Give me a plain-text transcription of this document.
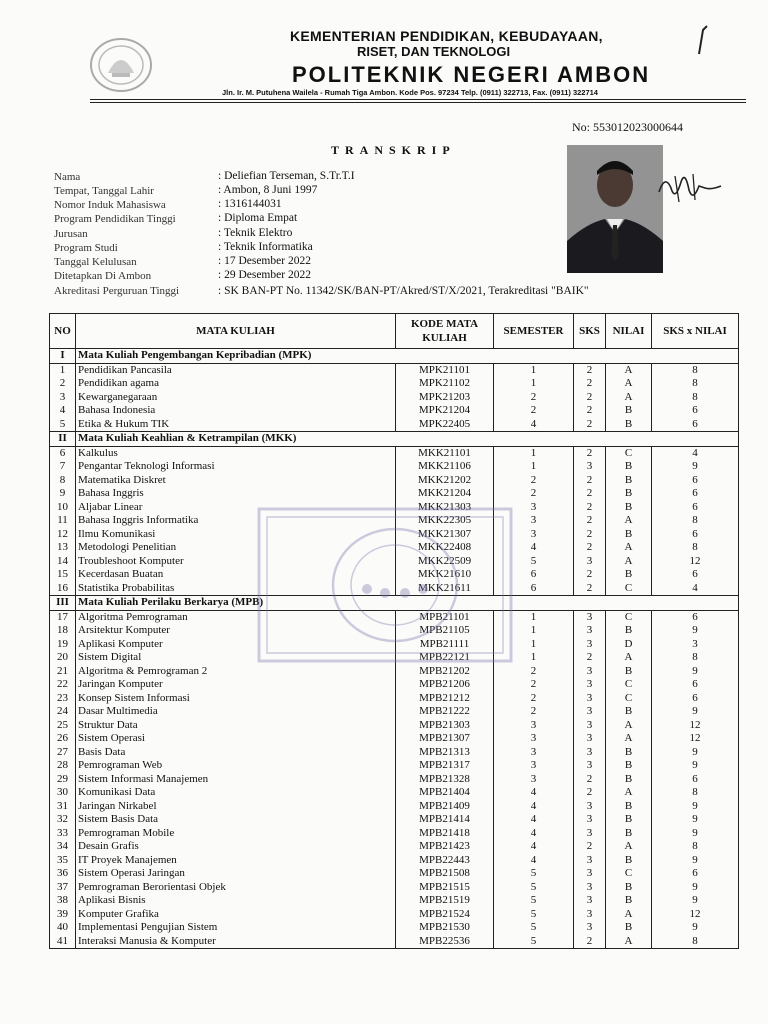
KEMENTERIAN PENDIDIKAN, KEBUDAYAAN,
RISET, DAN TEKNOLOGI
POLITEKNIK NEGERI AMBON
Jln. Ir. M. Putuhena Wailela - Rumah Tiga Ambon. Kode Pos. 97234 Telp. (0911) 322713, Fax. (0911) 322714
No: 553012023000644
TRANSKRIP
Nama	: Deliefian Terseman, S.Tr.T.I
Tempat, Tanggal Lahir	: Ambon, 8 Juni 1997
Nomor Induk Mahasiswa	: 1316144031
Program Pendidikan Tinggi	: Diploma Empat
Jurusan	: Teknik Elektro
Program Studi	: Teknik Informatika
Tanggal Kelulusan	: 17 Desember 2022
Ditetapkan Di Ambon	: 29 Desember 2022
Akreditasi Perguruan Tinggi	: SK BAN-PT No. 11342/SK/BAN-PT/Akred/ST/X/2021, Terakreditasi "BAIK"
NO	MATA KULIAH	KODE MATA KULIAH	SEMESTER	SKS	NILAI	SKS x NILAI
I	Mata Kuliah Pengembangan Kepribadian (MPK)					
1	Pendidikan Pancasila	MPK21101	1	2	A	8
2	Pendidikan agama	MPK21102	1	2	A	8
3	Kewarganegaraan	MPK21203	2	2	A	8
4	Bahasa Indonesia	MPK21204	2	2	B	6
5	Etika & Hukum TIK	MPK22405	4	2	B	6
II	Mata Kuliah Keahlian & Ketrampilan (MKK)					
6	Kalkulus	MKK21101	1	2	C	4
7	Pengantar Teknologi Informasi	MKK21106	1	3	B	9
8	Matematika Diskret	MKK21202	2	2	B	6
9	Bahasa Inggris	MKK21204	2	2	B	6
10	Aljabar Linear	MKK21303	3	2	B	6
11	Bahasa Inggris Informatika	MKK22305	3	2	A	8
12	Ilmu Komunikasi	MKK21307	3	2	B	6
13	Metodologi Penelitian	MKK22408	4	2	A	8
14	Troubleshoot Komputer	MKK22509	5	3	A	12
15	Kecerdasan Buatan	MKK21610	6	2	B	6
16	Statistika Probabilitas	MKK21611	6	2	C	4
III	Mata Kuliah Perilaku Berkarya (MPB)					
17	Algoritma Pemrograman	MPB21101	1	3	C	6
18	Arsitektur Komputer	MPB21105	1	3	B	9
19	Aplikasi Komputer	MPB21111	1	3	D	3
20	Sistem Digital	MPB22121	1	2	A	8
21	Algoritma & Pemrograman 2	MPB21202	2	3	B	9
22	Jaringan Komputer	MPB21206	2	3	C	6
23	Konsep Sistem Informasi	MPB21212	2	3	C	6
24	Dasar Multimedia	MPB21222	2	3	B	9
25	Struktur Data	MPB21303	3	3	A	12
26	Sistem Operasi	MPB21307	3	3	A	12
27	Basis Data	MPB21313	3	3	B	9
28	Pemrograman Web	MPB21317	3	3	B	9
29	Sistem Informasi Manajemen	MPB21328	3	2	B	6
30	Komunikasi Data	MPB21404	4	2	A	8
31	Jaringan Nirkabel	MPB21409	4	3	B	9
32	Sistem Basis Data	MPB21414	4	3	B	9
33	Pemrograman Mobile	MPB21418	4	3	B	9
34	Desain Grafis	MPB21423	4	2	A	8
35	IT Proyek Manajemen	MPB22443	4	3	B	9
36	Sistem Operasi Jaringan	MPB21508	5	3	C	6
37	Pemrograman Berorientasi Objek	MPB21515	5	3	B	9
38	Aplikasi Bisnis	MPB21519	5	3	B	9
39	Komputer Grafika	MPB21524	5	3	A	12
40	Implementasi Pengujian Sistem	MPB21530	5	3	B	9
41	Interaksi Manusia & Komputer	MPB22536	5	2	A	8
